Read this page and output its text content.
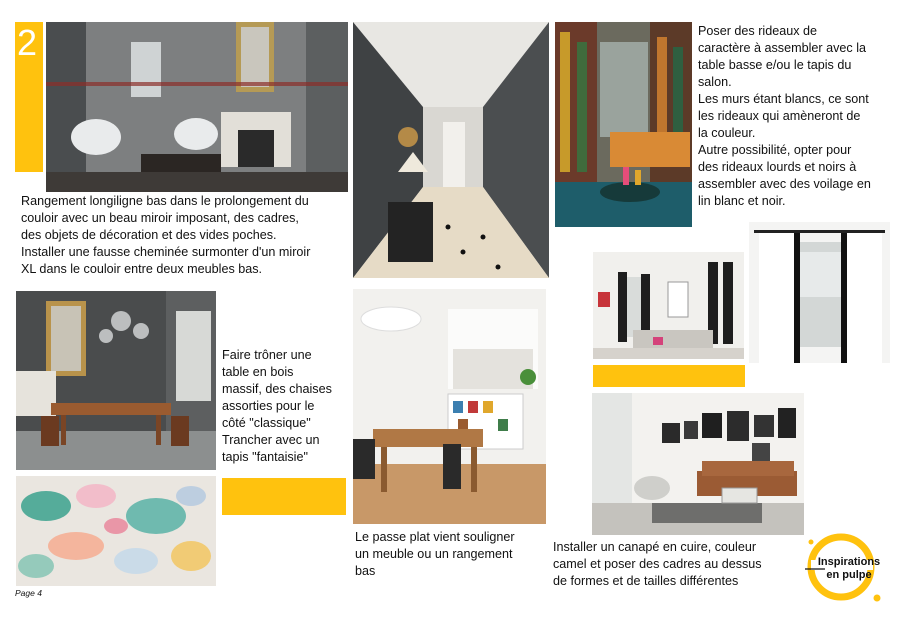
2
Rangement longiligne bas dans le prolongement du
couloir avec un beau miroir imposant, des cadres,
des objets de décoration et des vides poches.
Installer une fausse cheminée surmonter d'un miroir
XL dans le couloir entre deux meubles bas.
Poser des rideaux de
caractère à assembler avec la
table basse e/ou le tapis du
salon.
Les murs étant blancs, ce sont
les rideaux qui amèneront de
la couleur.
Autre possibilité, opter pour
des rideaux lourds et noirs à
assembler avec des voilage en
lin blanc et noir.
Faire trôner une
table en bois
massif, des chaises
assorties pour le
côté "classique"
Trancher avec un
tapis "fantaisie"
Le passe plat vient souligner
un meuble ou un rangement
bas
Installer un canapé en cuire, couleur
camel et poser des cadres au dessus
de formes et de tailles différentes
Inspirations
en pulpe
Page 4
